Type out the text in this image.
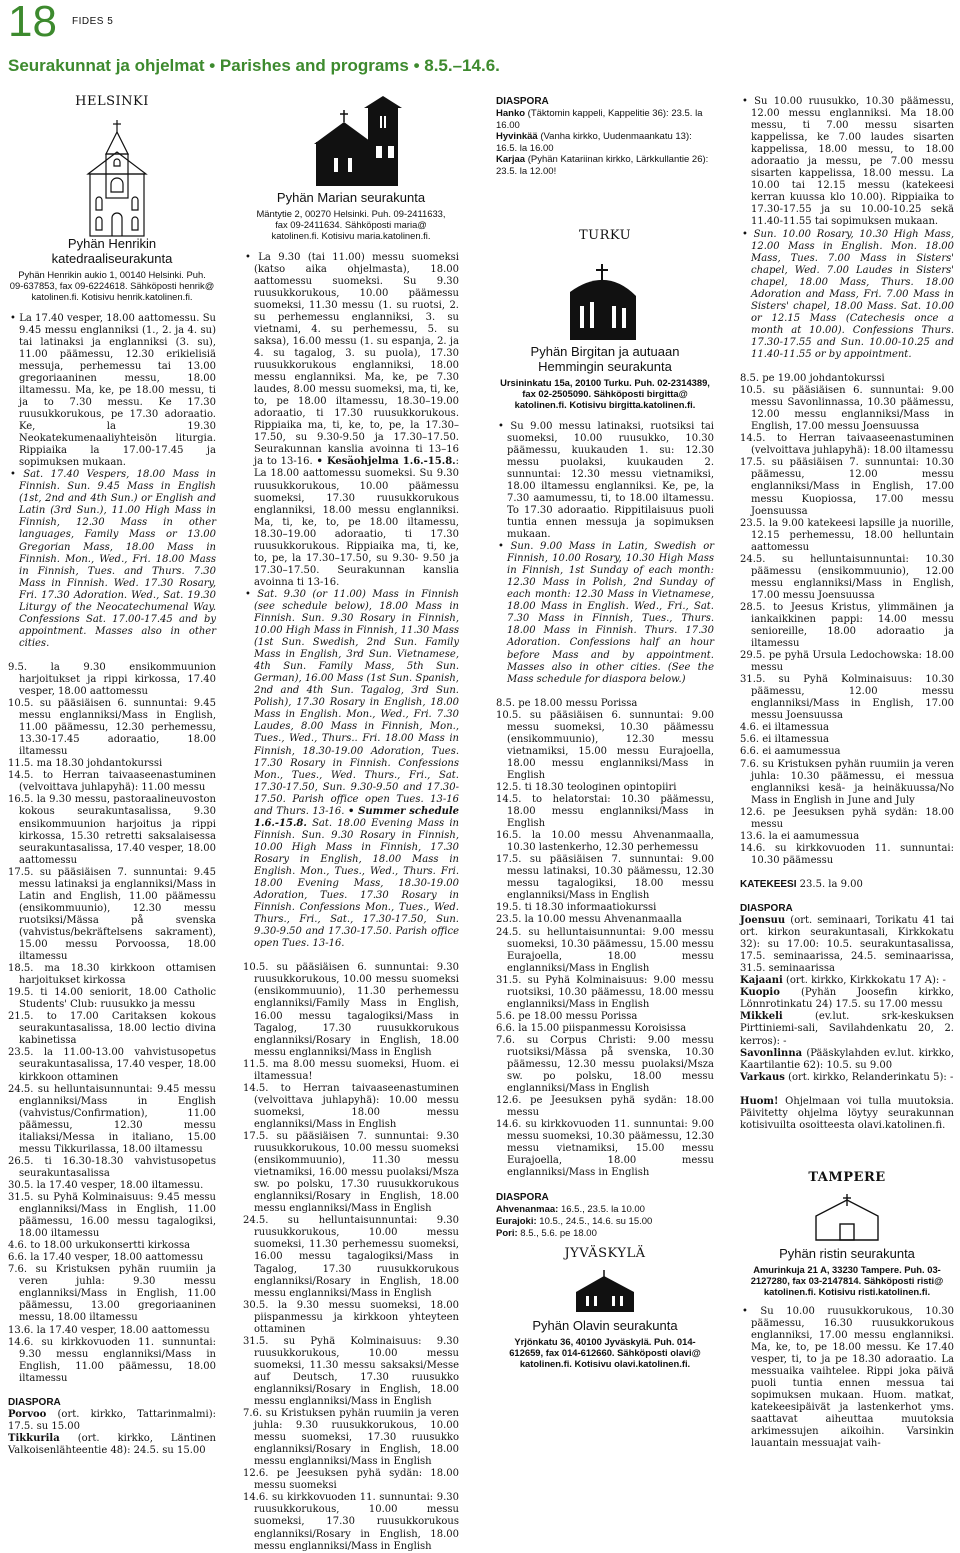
18 FIDES 5
Seurakunnat ja ohjelmat • Parishes and programs • 8.5.–14.6.
HELSINKI
Pyhän Henrikin katedraaliseurakunta
Pyhän Henrikin aukio 1, 00140 Helsinki. Puh.
09-637853, fax 09-6224618. Sähköposti henrik@
katolinen.fi. Kotisivu henrik.katolinen.fi.
• La 17.40 vesper, 18.00 aattomessu. Su 9.45 messu englanniksi (1., 2. ja 4. su) tai latinaksi ja englanniksi (3. su), 11.00 päämessu, 12.30 erikielisiä messuja, perhemessu tai 13.00 gregoriaaninen messu, 18.00 iltamessu. Ma, ke, pe 18.00 messu, ti ja to 7.30 messu. Ke 17.30 ruusukkorukous, pe 17.30 adoraatio. Ke, la 19.30 Neokatekumenaaliyhteisön liturgia. Rippiaika la 17.00-17.45 ja sopimuksen mukaan.
• Sat. 17.40 Vespers, 18.00 Mass in Finnish. Sun. 9.45 Mass in English (1st, 2nd and 4th Sun.) or English and Latin (3rd Sun.), 11.00 High Mass in Finnish, 12.30 Mass in other languages, Family Mass or 13.00 Gregorian Mass, 18.00 Mass in Finnish. Mon., Wed., Fri. 18.00 Mass in Finnish, Tues. and Thurs. 7.30 Mass in Finnish. Wed. 17.30 Rosary, Fri. 17.30 Adoration. Wed., Sat. 19.30 Liturgy of the Neocatechumenal Way. Confessions Sat. 17.00-17.45 and by appointment. Masses also in other cities.
9.5. la 9.30 ensikommuunion harjoitukset ja rippi kirkossa, 17.40 vesper, 18.00 aattomessu
10.5. su pääsiäisen 6. sunnuntai: 9.45 messu englanniksi/Mass in English, 11.00 päämessu, 12.30 perhemessu, 13.30-17.45 adoraatio, 18.00 iltamessu
11.5. ma 18.30 johdantokurssi
14.5. to Herran taivaaseenastuminen (velvoittava juhlapyhä): 11.00 messu
16.5. la 9.30 messu, pastoraalineuvoston kokous seurakuntasalissa, 9.30 ensikommuunion harjoitus ja rippi kirkossa, 15.30 retretti saksalaisessa seurakuntasalissa, 17.40 vesper, 18.00 aattomessu
17.5. su pääsiäisen 7. sunnuntai: 9.45 messu latinaksi ja englanniksi/Mass in Latin and English, 11.00 päämessu (ensikommuunio), 12.30 messu ruotsiksi/Mässa på svenska (vahvistus/bekräftelsens sakrament), 15.00 messu Porvoossa, 18.00 iltamessu
18.5. ma 18.30 kirkkoon ottamisen harjoitukset kirkossa
19.5. ti 14.00 seniorit, 18.00 Catholic Students' Club: ruusukko ja messu
21.5. to 17.00 Caritaksen kokous seurakuntasalissa, 18.00 lectio divina kabinetissa
23.5. la 11.00-13.00 vahvistusopetus seurakuntasalissa, 17.40 vesper, 18.00 kirkkoon ottaminen
24.5. su helluntaisunnuntai: 9.45 messu englanniksi/Mass in English (vahvistus/Confirmation), 11.00 päämessu, 12.30 messu italiaksi/Messa in italiano, 15.00 messu Tikkurilassa, 18.00 iltamessu
26.5. ti 16.30-18.30 vahvistusopetus seurakuntasalissa
30.5. la 17.40 vesper, 18.00 iltamessu.
31.5. su Pyhä Kolminaisuus: 9.45 messu englanniksi/Mass in English, 11.00 päämessu, 16.00 messu tagalogiksi, 18.00 iltamessu
4.6. to 18.00 urkukonsertti kirkossa
6.6. la 17.40 vesper, 18.00 aattomessu
7.6. su Kristuksen pyhän ruumiin ja veren juhla: 9.30 messu englanniksi/Mass in English, 11.00 päämessu, 13.00 gregoriaaninen messu, 18.00 iltamessu
13.6. la 17.40 vesper, 18.00 aattomessu
14.6. su kirkkovuoden 11. sunnuntai: 9.30 messu englanniksi/Mass in English, 11.00 päämessu, 18.00 iltamessu
DIASPORA
Porvoo (ort. kirkko, Tattarinmalmi): 17.5. su 15.00
Tikkurila (ort. kirkko, Läntinen Valkoisenlähteentie 48): 24.5. su 15.00
Pyhän Marian seurakunta
Mäntytie 2, 00270 Helsinki. Puh. 09-2411633,
fax 09-2411634. Sähköposti maria@
katolinen.fi. Kotisivu maria.katolinen.fi.
• La 9.30 (tai 11.00) messu suomeksi (katso aika ohjelmasta), 18.00 aattomessu suomeksi. Su 9.30 ruusukkorukous, 10.00 päämessu suomeksi, 11.30 messu (1. su ruotsi, 2. su perhemessu englanniksi, 3. su vietnami, 4. su perhemessu, 5. su saksa), 16.00 messu (1. su espanja, 2. ja 4. su tagalog, 3. su puola), 17.30 ruusukkorukous englanniksi, 18.00 messu englanniksi. Ma, ke, pe 7.30 laudes, 8.00 messu suomeksi, ma, ti, ke, to, pe 18.00 iltamessu, 18.30–19.00 adoraatio, ti 17.30 ruusukkorukous. Rippiaika ma, ti, ke, to, pe, la 17.30–17.50, su 9.30-9.50 ja 17.30–17.50. Seurakunnan kanslia avoinna ti 13–16 ja to 13-16. • Kesäohjelma 1.6.-15.8.: La 18.00 aattomessu suomeksi. Su 9.30 ruusukkorukous, 10.00 päämessu suomeksi, 17.30 ruusukkorukous englanniksi, 18.00 messu englanniksi. Ma, ti, ke, to, pe 18.00 iltamessu, 18.30–19.00 adoraatio, ti 17.30 ruusukkorukous. Rippiaika ma, ti, ke, to, pe, la 17.30–17.50, su 9.30- 9.50 ja 17.30–17.50. Seurakunnan kanslia avoinna ti 13-16.
• Sat. 9.30 (or 11.00) Mass in Finnish (see schedule below), 18.00 Mass in Finnish. Sun. 9.30 Rosary in Finnish, 10.00 High Mass in Finnish, 11.30 Mass (1st Sun. Swedish, 2nd Sun. Family Mass in English, 3rd Sun. Vietnamese, 4th Sun. Family Mass, 5th Sun. German), 16.00 Mass (1st Sun. Spanish, 2nd and 4th Sun. Tagalog, 3rd Sun. Polish), 17.30 Rosary in English, 18.00 Mass in English. Mon., Wed., Fri. 7.30 Laudes, 8.00 Mass in Finnish, Mon., Tues., Wed., Thurs.. Fri. 18.00 Mass in Finnish, 18.30-19.00 Adoration, Tues. 17.30 Rosary in Finnish. Confessions Mon., Tues., Wed. Thurs., Fri., Sat. 17.30-17.50, Sun. 9.30-9.50 and 17.30-17.50. Parish office open Tues. 13-16 and Thurs. 13-16. • Summer schedule 1.6.-15.8. Sat. 18.00 Evening Mass in Finnish. Sun. 9.30 Rosary in Finnish, 10.00 High Mass in Finnish, 17.30 Rosary in English, 18.00 Mass in English. Mon., Tues., Wed., Thurs. Fri. 18.00 Evening Mass, 18.30-19.00 Adoration, Tues. 17.30 Rosary in Finnish. Confessions Mon., Tues., Wed. Thurs., Fri., Sat., 17.30-17.50, Sun. 9.30-9.50 and 17.30-17.50. Parish office open Tues. 13-16.
10.5. su pääsiäisen 6. sunnuntai: 9.30 ruusukkorukous, 10.00 messu suomeksi (ensikommuunio), 11.30 perhemessu englanniksi/Family Mass in English, 16.00 messu tagalogiksi/Mass in Tagalog, 17.30 ruusukkorukous englanniksi/Rosary in English, 18.00 messu englanniksi/Mass in English
11.5. ma 8.00 messu suomeksi, Huom. ei iltamessua!
14.5. to Herran taivaaseenastuminen (velvoittava juhlapyhä): 10.00 messu suomeksi, 18.00 messu englanniksi/Mass in English
17.5. su pääsiäisen 7. sunnuntai: 9.30 ruusukkorukous, 10.00 messu suomeksi (ensikommuunio), 11.30 messu vietnamiksi, 16.00 messu puolaksi/Msza sw. po polsku, 17.30 ruusukkorukous englanniksi/Rosary in English, 18.00 messu englanniksi/Mass in English
24.5. su helluntaisunnuntai: 9.30 ruusukkorukous, 10.00 messu suomeksi, 11.30 perhemessu suomeksi, 16.00 messu tagalogiksi/Mass in Tagalog, 17.30 ruusukkorukous englanniksi/Rosary in English, 18.00 messu englanniksi/Mass in English
30.5. la 9.30 messu suomeksi, 18.00 piispanmessu ja kirkkoon yhteyteen ottaminen
31.5. su Pyhä Kolminaisuus: 9.30 ruusukkorukous, 10.00 messu suomeksi, 11.30 messu saksaksi/Messe auf Deutsch, 17.30 ruusukko englanniksi/Rosary in English, 18.00 messu englanniksi/Mass in English
7.6. su Kristuksen pyhän ruumiin ja veren juhla: 9.30 ruusukkorukous, 10.00 messu suomeksi, 17.30 ruusukko englanniksi/Rosary in English, 18.00 messu englanniksi/Mass in English
12.6. pe Jeesuksen pyhä sydän: 18.00 messu suomeksi
14.6. su kirkkovuoden 11. sunnuntai: 9.30 ruusukkorukous, 10.00 messu suomeksi, 17.30 ruusukkorukous englanniksi/Rosary in English, 18.00 messu englanniksi/Mass in English
DIASPORA
Hanko (Täktomin kappeli, Kappelitie 36): 23.5. la 16.00
Hyvinkää (Vanha kirkko, Uudenmaankatu 13): 16.5. la 16.00
Karjaa (Pyhän Katariinan kirkko, Lärkkullantie 26): 23.5. la 12.00!
TURKU
Pyhän Birgitan ja autuaan Hemmingin seurakunta
Ursininkatu 15a, 20100 Turku. Puh. 02-2314389,
fax 02-2505090. Sähköposti birgitta@
katolinen.fi. Kotisivu birgitta.katolinen.fi.
• Su 9.00 messu latinaksi, ruotsiksi tai suomeksi, 10.00 ruusukko, 10.30 päämessu, kuukauden 1. su: 12.30 messu puolaksi, kuukauden 2. sunnuntai: 12.30 messu vietnamiksi, 18.00 iltamessu englanniksi. Ke, pe, la 7.30 aamumessu, ti, to 18.00 iltamessu. To 17.30 adoraatio. Rippitilaisuus puoli tuntia ennen messuja ja sopimuksen mukaan.
• Sun. 9.00 Mass in Latin, Swedish or Finnish, 10.00 Rosary, 10.30 High Mass in Finnish, 1st Sunday of each month: 12.30 Mass in Polish, 2nd Sunday of each month: 12.30 Mass in Vietnamese, 18.00 Mass in English. Wed., Fri., Sat. 7.30 Mass in Finnish, Tues., Thurs. 18.00 Mass in Finnish. Thurs. 17.30 Adoration. Confessions half an hour before Mass and by appointment. Masses also in other cities. (See the Mass schedule for diaspora below.)
8.5. pe 18.00 messu Porissa
10.5. su pääsiäisen 6. sunnuntai: 9.00 messu suomeksi, 10.30 päämessu (ensikommuunio), 12.30 messu vietnamiksi, 15.00 messu Eurajoella, 18.00 messu englanniksi/Mass in English
12.5. ti 18.30 teologinen opintopiiri
14.5. to helatorstai: 10.30 päämessu, 18.00 messu englanniksi/Mass in English
16.5. la 10.00 messu Ahvenanmaalla, 10.30 lastenkerho, 12.30 perhemessu
17.5. su pääsiäisen 7. sunnuntai: 9.00 messu latinaksi, 10.30 päämessu, 12.30 messu tagalogiksi, 18.00 messu englanniksi/Mass in English
19.5. ti 18.30 informaatiokurssi
23.5. la 10.00 messu Ahvenanmaalla
24.5. su helluntaisunnuntai: 9.00 messu suomeksi, 10.30 päämessu, 15.00 messu Eurajoella, 18.00 messu englanniksi/Mass in English
31.5. su Pyhä Kolminaisuus: 9.00 messu ruotsiksi, 10.30 päämessu, 18.00 messu englanniksi/Mass in English
5.6. pe 18.00 messu Porissa
6.6. la 15.00 piispanmessu Koroisissa
7.6. su Corpus Christi: 9.00 messu ruotsiksi/Mässa på svenska, 10.30 päämessu, 12.30 messu puolaksi/Msza sw. po polsku, 18.00 messu englanniksi/Mass in English
12.6. pe Jeesuksen pyhä sydän: 18.00 messu
14.6. su kirkkovuoden 11. sunnuntai: 9.00 messu suomeksi, 10.30 päämessu, 12.30 messu vietnamiksi, 15.00 messu Eurajoella, 18.00 messu englanniksi/Mass in English
DIASPORA
Ahvenanmaa: 16.5., 23.5. la 10.00
Eurajoki: 10.5., 24.5., 14.6. su 15.00
Pori: 8.5., 5.6. pe 18.00
JYVÄSKYLÄ
Pyhän Olavin seurakunta
Yrjönkatu 36, 40100 Jyväskylä. Puh. 014-
612659, fax 014-612660. Sähköposti olavi@
katolinen.fi. Kotisivu olavi.katolinen.fi.
• Su 10.00 ruusukko, 10.30 päämessu, 12.00 messu englanniksi. Ma 18.00 messu, ti 7.00 messu sisarten kappelissa, ke 7.00 laudes sisarten kappelissa, 18.00 messu, to 18.00 adoraatio ja messu, pe 7.00 messu sisarten kappelissa, 18.00 messu. La 10.00 tai 12.15 messu (katekeesi kerran kuussa klo 10.00). Rippiaika to 17.30-17.55 ja su 10.00-10.25 sekä 11.40-11.55 tai sopimuksen mukaan.
• Sun. 10.00 Rosary, 10.30 High Mass, 12.00 Mass in English. Mon. 18.00 Mass, Tues. 7.00 Mass in Sisters' chapel, Wed. 7.00 Laudes in Sisters' chapel, 18.00 Mass, Thurs. 18.00 Adoration and Mass, Fri. 7.00 Mass in Sisters' chapel, 18.00 Mass. Sat. 10.00 or 12.15 Mass (Catechesis once a month at 10.00). Confessions Thurs. 17.30-17.55 and Sun. 10.00-10.25 and 11.40-11.55 or by appointment.
8.5. pe 19.00 johdantokurssi
10.5. su pääsiäisen 6. sunnuntai: 9.00 messu Savonlinnassa, 10.30 päämessu, 12.00 messu englanniksi/Mass in English, 17.00 messu Joensuussa
14.5. to Herran taivaaseenastuminen (velvoittava juhlapyhä): 18.00 iltamessu
17.5. su pääsiäisen 7. sunnuntai: 10.30 päämessu, 12.00 messu englanniksi/Mass in English, 17.00 messu Kuopiossa, 17.00 messu Joensuussa
23.5. la 9.00 katekeesi lapsille ja nuorille, 12.15 perhemessu, 18.00 helluntain aattomessu
24.5. su helluntaisunnuntai: 10.30 päämessu (ensikommuunio), 12.00 messu englanniksi/Mass in English, 17.00 messu Joensuussa
28.5. to Jeesus Kristus, ylimmäinen ja iankaikkinen pappi: 14.00 messu senioreille, 18.00 adoraatio ja iltamessu
29.5. pe pyhä Ursula Ledochowska: 18.00 messu
31.5. su Pyhä Kolminaisuus: 10.30 päämessu, 12.00 messu englanniksi/Mass in English, 17.00 messu Joensuussa
4.6. ei iltamessua
5.6. ei iltamessua
6.6. ei aamumessua
7.6. su Kristuksen pyhän ruumiin ja veren juhla: 10.30 päämessu, ei messua englanniksi kesä- ja heinäkuussa/No Mass in English in June and July
12.6. pe Jeesuksen pyhä sydän: 18.00 messu
13.6. la ei aamumessua
14.6. su kirkkovuoden 11. sunnuntai: 10.30 päämessu
KATEKEESI 23.5. la 9.00
DIASPORA
Joensuu (ort. seminaari, Torikatu 41 tai ort. kirkon seurakuntasali, Kirkkokatu 32): su 17.00: 10.5. seurakuntasalissa, 17.5. seminaarissa, 24.5. seminaarissa, 31.5. seminaarissa
Kajaani (ort. kirkko, Kirkkokatu 17 A): -
Kuopio (Pyhän Joosefin kirkko, Lönnrotinkatu 24) 17.5. su 17.00 messu
Mikkeli (ev.lut. srk-keskuksen Pirttiniemi-sali, Savilahdenkatu 20, 2. kerros): -
Savonlinna (Pääskylahden ev.lut. kirkko, Kaartilantie 62): 10.5. su 9.00
Varkaus (ort. kirkko, Relanderinkatu 5): -
Huom! Ohjelmaan voi tulla muutoksia. Päivitetty ohjelma löytyy seurakunnan kotisivuilta osoitteesta olavi.katolinen.fi.
TAMPERE
Pyhän ristin seurakunta
Amurinkuja 21 A, 33230 Tampere. Puh. 03-
2127280, fax 03-2147814. Sähköposti risti@
katolinen.fi. Kotisivu risti.katolinen.fi.
• Su 10.00 ruusukkorukous, 10.30 päämessu, 16.30 ruusukkorukous englanniksi, 17.00 messu englanniksi. Ma, ke, to, pe 18.00 messu. Ke 17.40 vesper, ti, to ja pe 18.30 adoraatio. La messuaika vaihtelee. Rippi joka päivä puoli tuntia ennen messua tai sopimuksen mukaan. Huom. matkat, katekeesipäivät ja lastenkerhot yms. saattavat aiheuttaa muutoksia arkimessujen aikoihin. Varsinkin lauantain messuajat vaih-
